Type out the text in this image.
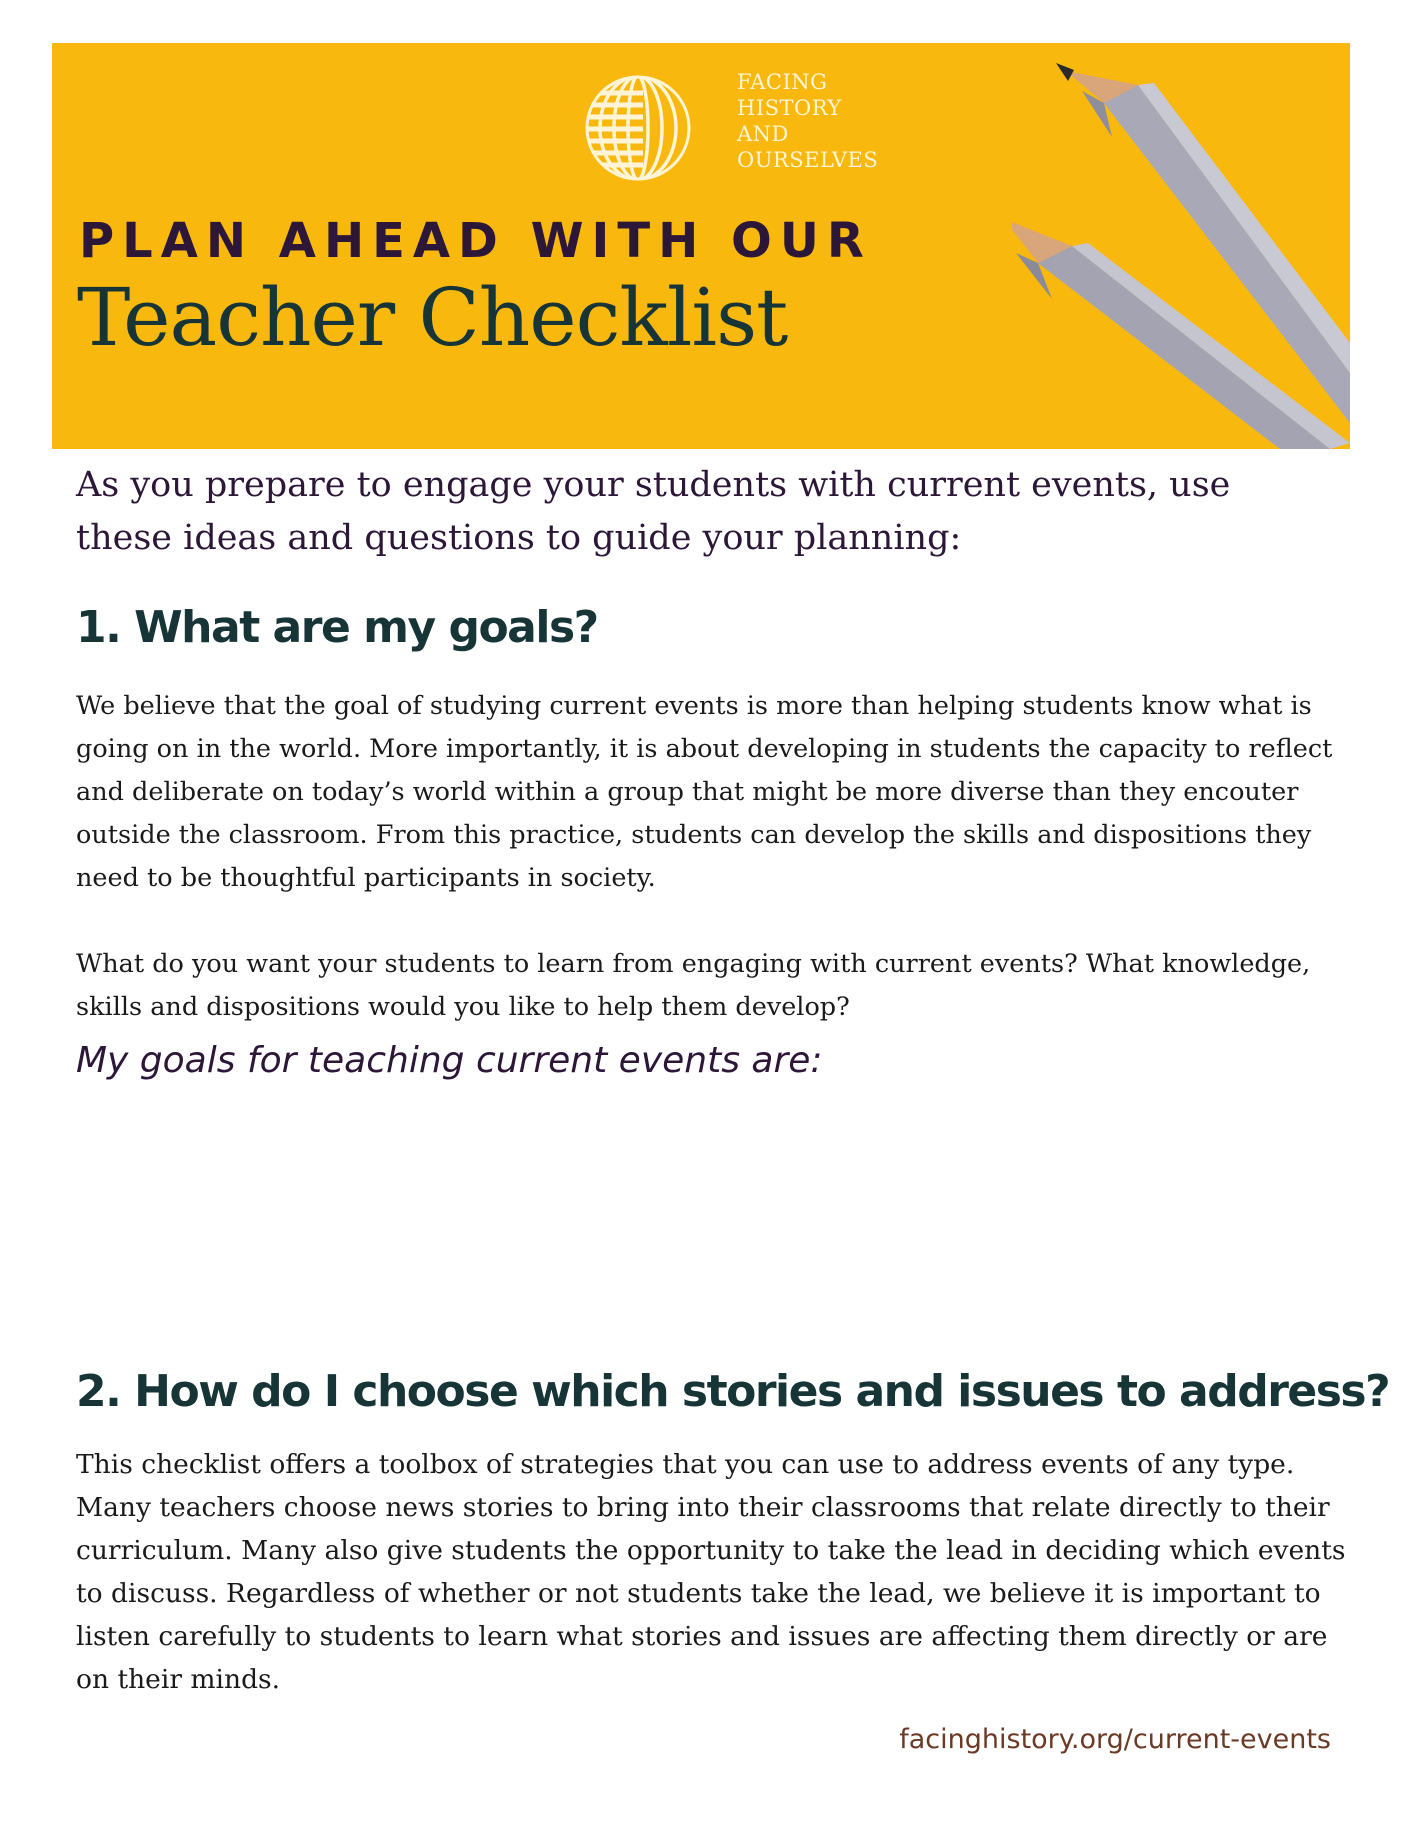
FACING
HISTORY
AND
OURSELVES
PLAN AHEAD WITH OUR
Teacher Checklist
As you prepare to engage your students with current events, use these ideas and questions to guide your planning:
1. What are my goals?

We believe that the goal of studying current events is more than helping students know what is going on in the world. More importantly, it is about developing in students the capacity to reflect and deliberate on today’s world within a group that might be more diverse than they encouter outside the classroom. From this practice, students can develop the skills and dispositions they need to be thoughtful participants in society.

What do you want your students to learn from engaging with current events? What knowledge, skills and dispositions would you like to help them develop?

My goals for teaching current events are:
2. How do I choose which stories and issues to address?

This checklist offers a toolbox of strategies that you can use to address events of any type. Many teachers choose news stories to bring into their classrooms that relate directly to their curriculum. Many also give students the opportunity to take the lead in deciding which events to discuss. Regardless of whether or not students take the lead, we believe it is important to listen carefully to students to learn what stories and issues are affecting them directly or are on their minds.

facinghistory.org/current-events
